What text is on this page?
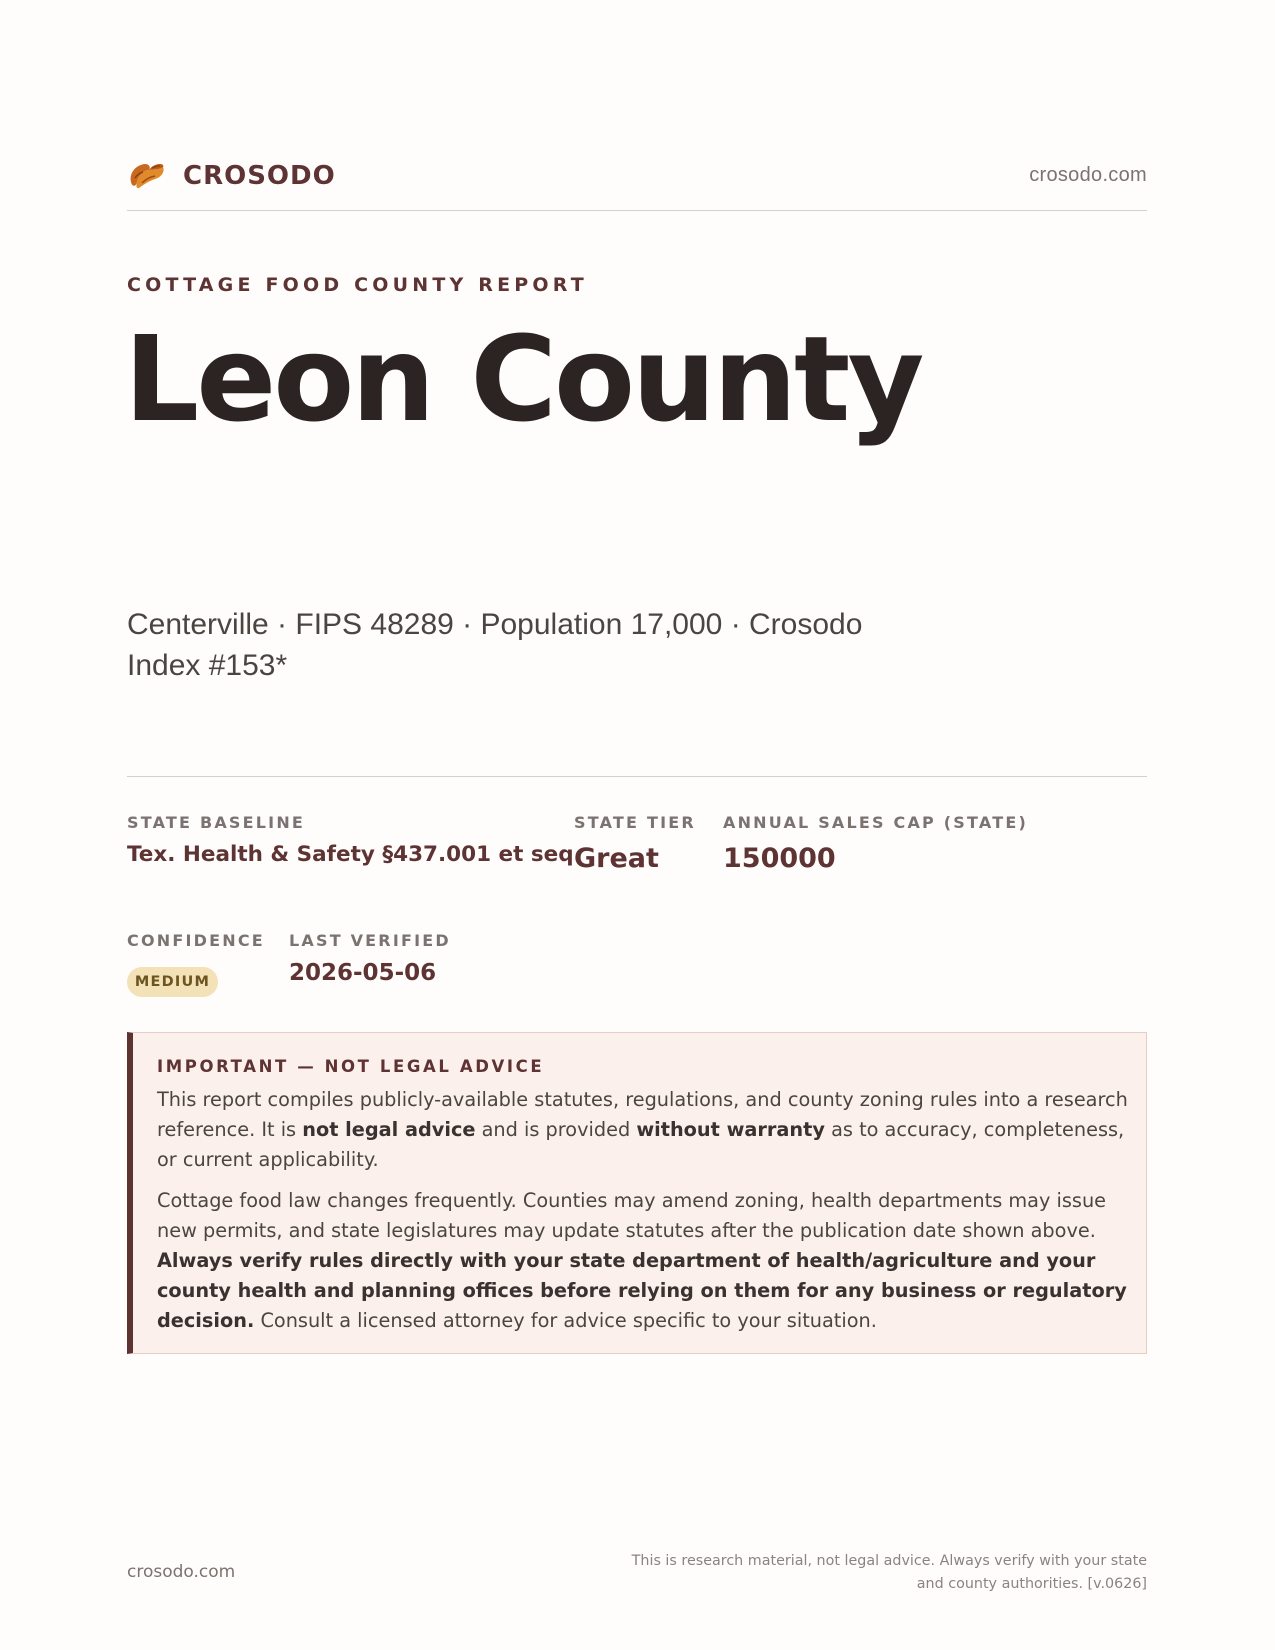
CROSODO	crosodo.com
COTTAGE FOOD COUNTY REPORT
Leon County
Centerville · FIPS 48289 · Population 17,000 · Crosodo Index #153*
STATE BASELINE
Tex. Health & Safety §437.001 et seq.
STATE TIER
Great
ANNUAL SALES CAP (STATE)
150000
CONFIDENCE
MEDIUM
LAST VERIFIED
2026-05-06
IMPORTANT — NOT LEGAL ADVICE

This report compiles publicly-available statutes, regulations, and county zoning rules into a research reference. It is not legal advice and is provided without warranty as to accuracy, completeness, or current applicability.

Cottage food law changes frequently. Counties may amend zoning, health departments may issue new permits, and state legislatures may update statutes after the publication date shown above. Always verify rules directly with your state department of health/agriculture and your county health and planning offices before relying on them for any business or regulatory decision. Consult a licensed attorney for advice specific to your situation.

crosodo.com
This is research material, not legal advice. Always verify with your state and county authorities. [v.0626]
